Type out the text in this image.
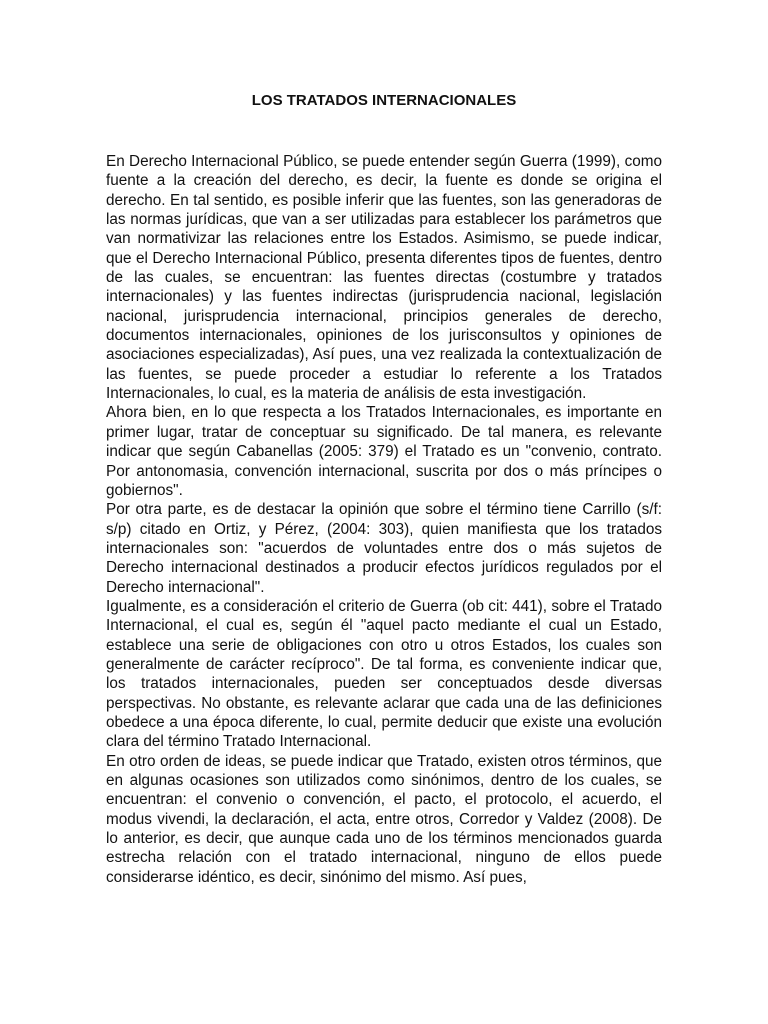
LOS TRATADOS INTERNACIONALES

En Derecho Internacional Público, se puede entender según Guerra (1999), como fuente a la creación del derecho, es decir, la fuente es donde se origina el derecho. En tal sentido, es posible inferir que las fuentes, son las generadoras de las normas jurídicas, que van a ser utilizadas para establecer los parámetros que van normativizar las relaciones entre los Estados. Asimismo, se puede indicar, que el Derecho Internacional Público, presenta diferentes tipos de fuentes, dentro de las cuales, se encuentran: las fuentes directas (costumbre y tratados internacionales) y las fuentes indirectas (jurisprudencia nacional, legislación nacional, jurisprudencia internacional, principios generales de derecho, documentos internacionales, opiniones de los jurisconsultos y opiniones de asociaciones especializadas), Así pues, una vez realizada la contextualización de las fuentes, se puede proceder a estudiar lo referente a los Tratados Internacionales, lo cual, es la materia de análisis de esta investigación.

Ahora bien, en lo que respecta a los Tratados Internacionales, es importante en primer lugar, tratar de conceptuar su significado. De tal manera, es relevante indicar que según Cabanellas (2005: 379) el Tratado es un "convenio, contrato. Por antonomasia, convención internacional, suscrita por dos o más príncipes o gobiernos".

Por otra parte, es de destacar la opinión que sobre el término tiene Carrillo (s/f: s/p) citado en Ortiz, y Pérez, (2004: 303), quien manifiesta que los tratados internacionales son: "acuerdos de voluntades entre dos o más sujetos de Derecho internacional destinados a producir efectos jurídicos regulados por el Derecho internacional".

Igualmente, es a consideración el criterio de Guerra (ob cit: 441), sobre el Tratado Internacional, el cual es, según él "aquel pacto mediante el cual un Estado, establece una serie de obligaciones con otro u otros Estados, los cuales son generalmente de carácter recíproco". De tal forma, es conveniente indicar que, los tratados internacionales, pueden ser conceptuados desde diversas perspectivas. No obstante, es relevante aclarar que cada una de las definiciones obedece a una época diferente, lo cual, permite deducir que existe una evolución clara del término Tratado Internacional.

En otro orden de ideas, se puede indicar que Tratado, existen otros términos, que en algunas ocasiones son utilizados como sinónimos, dentro de los cuales, se encuentran: el convenio o convención, el pacto, el protocolo, el acuerdo, el modus vivendi, la declaración, el acta, entre otros, Corredor y Valdez (2008). De lo anterior, es decir, que aunque cada uno de los términos mencionados guarda estrecha relación con el tratado internacional, ninguno de ellos puede considerarse idéntico, es decir, sinónimo del mismo. Así pues,
